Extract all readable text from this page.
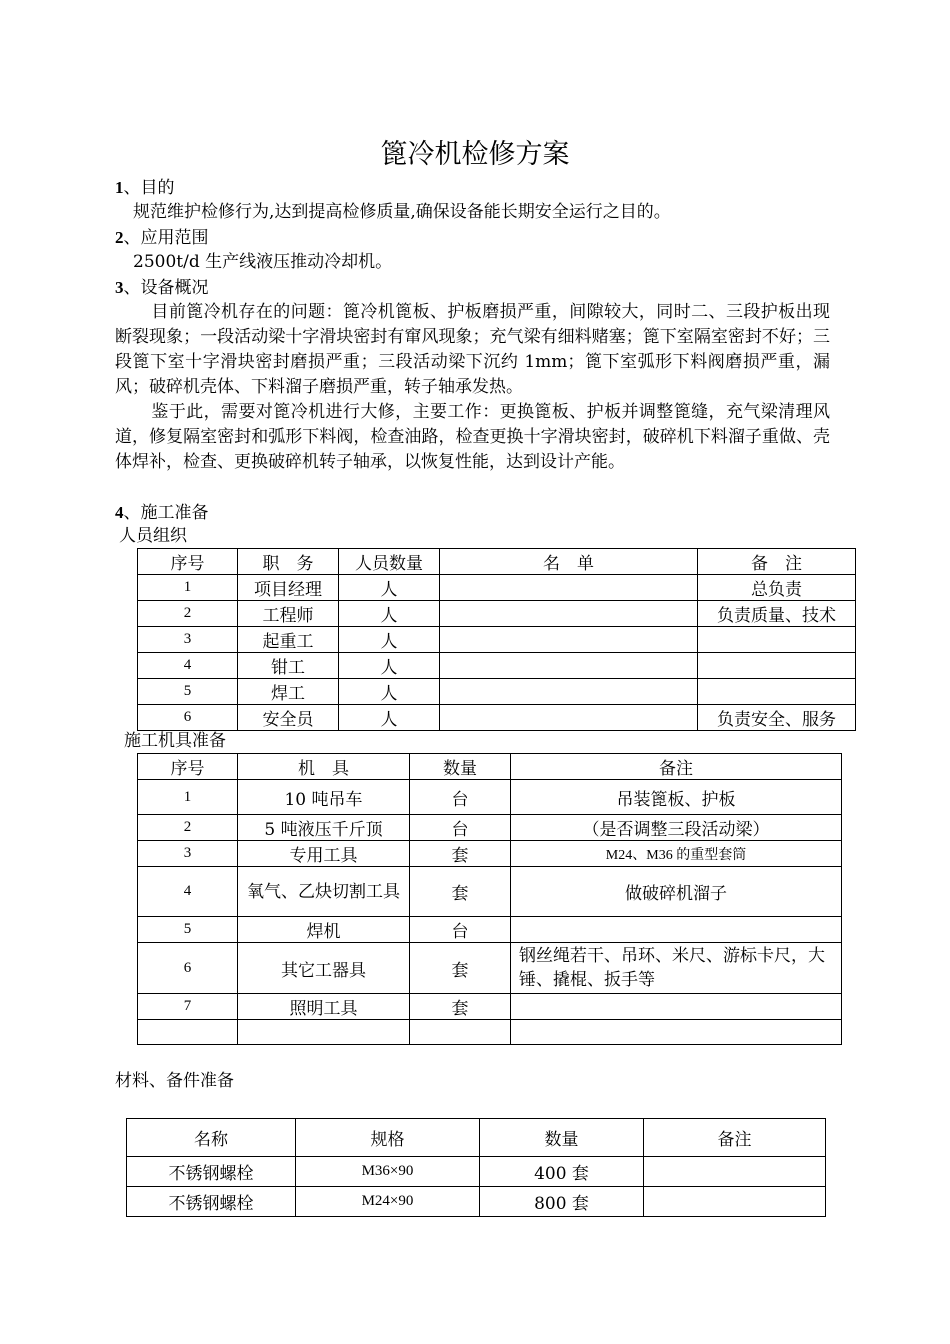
篦冷机检修方案
1、目的
规范维护检修行为,达到提高检修质量,确保设备能长期安全运行之目的。
2、应用范围
2500t/d 生产线液压推动冷却机。
3、设备概况
目前篦冷机存在的问题：篦冷机篦板、护板磨损严重，间隙较大，同时二、三段护板出现断裂现象；一段活动梁十字滑块密封有窜风现象；充气梁有细料赌塞；篦下室隔室密封不好；三段篦下室十字滑块密封磨损严重；三段活动梁下沉约 1mm；篦下室弧形下料阀磨损严重，漏风；破碎机壳体、下料溜子磨损严重，转子轴承发热。
鉴于此，需要对篦冷机进行大修，主要工作：更换篦板、护板并调整篦缝，充气梁清理风道，修复隔室密封和弧形下料阀，检查油路，检查更换十字滑块密封，破碎机下料溜子重做、壳体焊补，检查、更换破碎机转子轴承，以恢复性能，达到设计产能。
4、施工准备
人员组织
序号	职　务	人员数量	名　单	备　注
1	项目经理	人		总负责
2	工程师	人		负责质量、技术
3	起重工	人		
4	钳工	人		
5	焊工	人		
6	安全员	人		负责安全、服务
施工机具准备
序号	机　具	数量	备注
1	10 吨吊车	台	吊装篦板、护板
2	5 吨液压千斤顶	台	（是否调整三段活动梁）
3	专用工具	套	M24、M36 的重型套筒
4	氧气、乙炔切割工具	套	做破碎机溜子
5	焊机	台	
6	其它工器具	套	钢丝绳若干、吊环、米尺、游标卡尺，大锤、撬棍、扳手等
7	照明工具	套	

材料、备件准备
名称	规格	数量	备注
不锈钢螺栓	M36×90	400 套	
不锈钢螺栓	M24×90	800 套	
